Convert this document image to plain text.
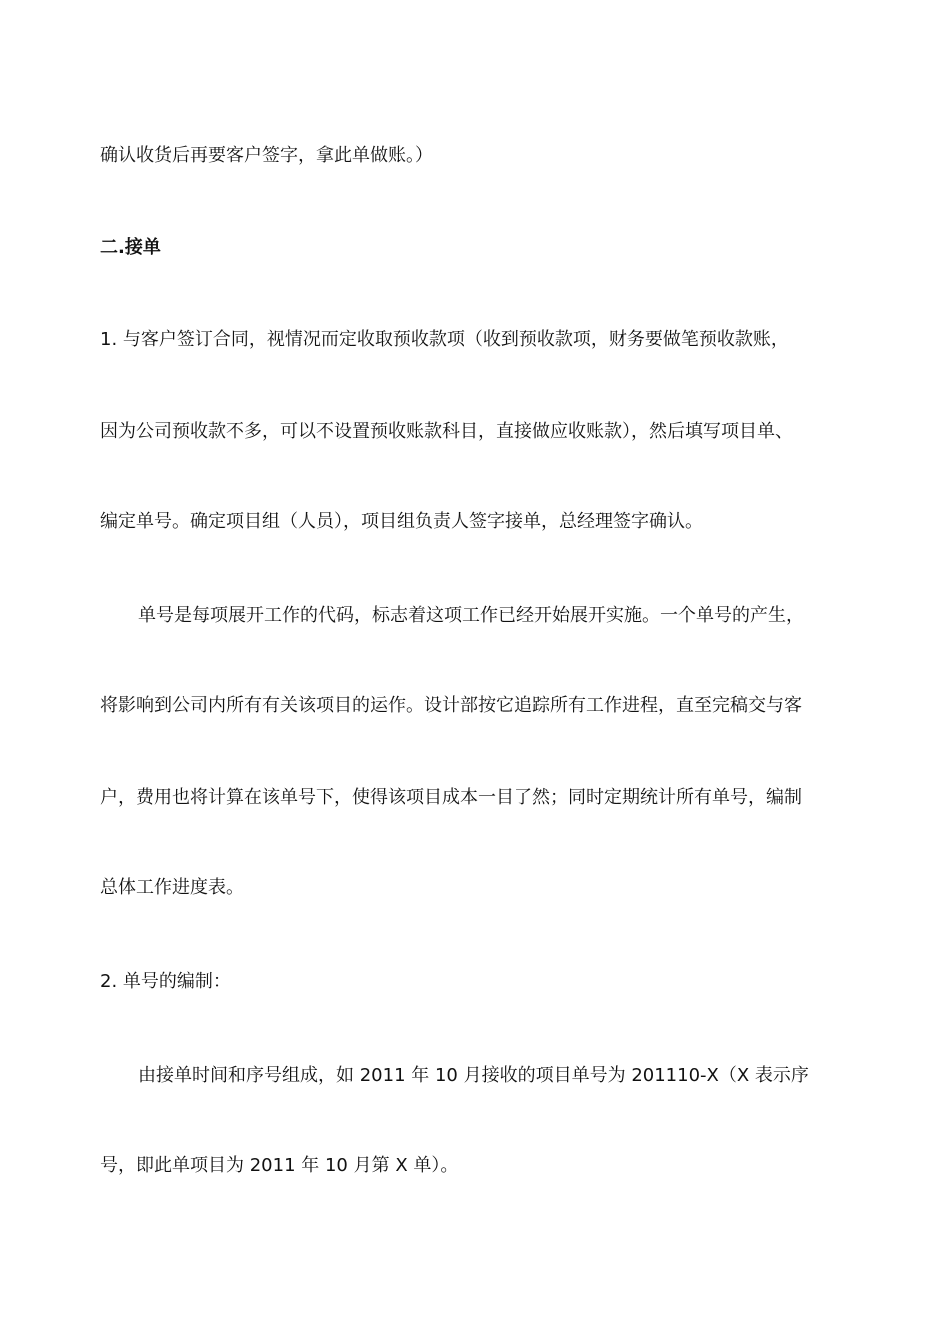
确认收货后再要客户签字，拿此单做账。）
二.接单
1. 与客户签订合同，视情况而定收取预收款项（收到预收款项，财务要做笔预收款账，
因为公司预收款不多，可以不设置预收账款科目，直接做应收账款），然后填写项目单、
编定单号。确定项目组（人员），项目组负责人签字接单，总经理签字确认。
单号是每项展开工作的代码，标志着这项工作已经开始展开实施。一个单号的产生，
将影响到公司内所有有关该项目的运作。设计部按它追踪所有工作进程，直至完稿交与客
户，费用也将计算在该单号下，使得该项目成本一目了然；同时定期统计所有单号，编制
总体工作进度表。
2. 单号的编制：
由接单时间和序号组成，如 2011 年 10 月接收的项目单号为 201110-X（X 表示序
号，即此单项目为 2011 年 10 月第 X 单）。
